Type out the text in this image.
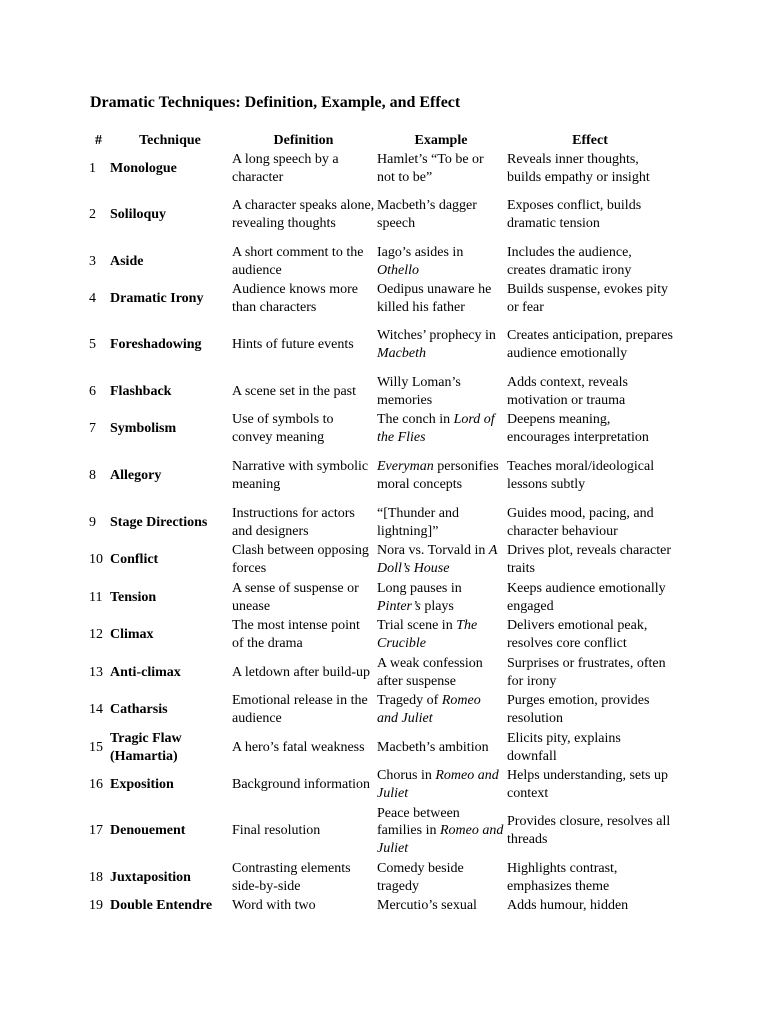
Dramatic Techniques: Definition, Example, and Effect
#	Technique	Definition	Example	Effect
1	Monologue	A long speech by a character	Hamlet’s “To be or not to be”	Reveals inner thoughts, builds empathy or insight
2	Soliloquy	A character speaks alone, revealing thoughts	Macbeth’s dagger speech	Exposes conflict, builds dramatic tension
3	Aside	A short comment to the audience	Iago’s asides in Othello	Includes the audience, creates dramatic irony
4	Dramatic Irony	Audience knows more than characters	Oedipus unaware he killed his father	Builds suspense, evokes pity or fear
5	Foreshadowing	Hints of future events	Witches’ prophecy in Macbeth	Creates anticipation, prepares audience emotionally
6	Flashback	A scene set in the past	Willy Loman’s memories	Adds context, reveals motivation or trauma
7	Symbolism	Use of symbols to convey meaning	The conch in Lord of the Flies	Deepens meaning, encourages interpretation
8	Allegory	Narrative with symbolic meaning	Everyman personifies moral concepts	Teaches moral/ideological lessons subtly
9	Stage Directions	Instructions for actors and designers	“[Thunder and lightning]”	Guides mood, pacing, and character behaviour
10	Conflict	Clash between opposing forces	Nora vs. Torvald in A Doll’s House	Drives plot, reveals character traits
11	Tension	A sense of suspense or unease	Long pauses in Pinter’s plays	Keeps audience emotionally engaged
12	Climax	The most intense point of the drama	Trial scene in The Crucible	Delivers emotional peak, resolves core conflict
13	Anti-climax	A letdown after build-up	A weak confession after suspense	Surprises or frustrates, often for irony
14	Catharsis	Emotional release in the audience	Tragedy of Romeo and Juliet	Purges emotion, provides resolution
15	Tragic Flaw (Hamartia)	A hero’s fatal weakness	Macbeth’s ambition	Elicits pity, explains downfall
16	Exposition	Background information	Chorus in Romeo and Juliet	Helps understanding, sets up context
17	Denouement	Final resolution	Peace between families in Romeo and Juliet	Provides closure, resolves all threads
18	Juxtaposition	Contrasting elements side-by-side	Comedy beside tragedy	Highlights contrast, emphasizes theme
19	Double Entendre	Word with two	Mercutio’s sexual	Adds humour, hidden
